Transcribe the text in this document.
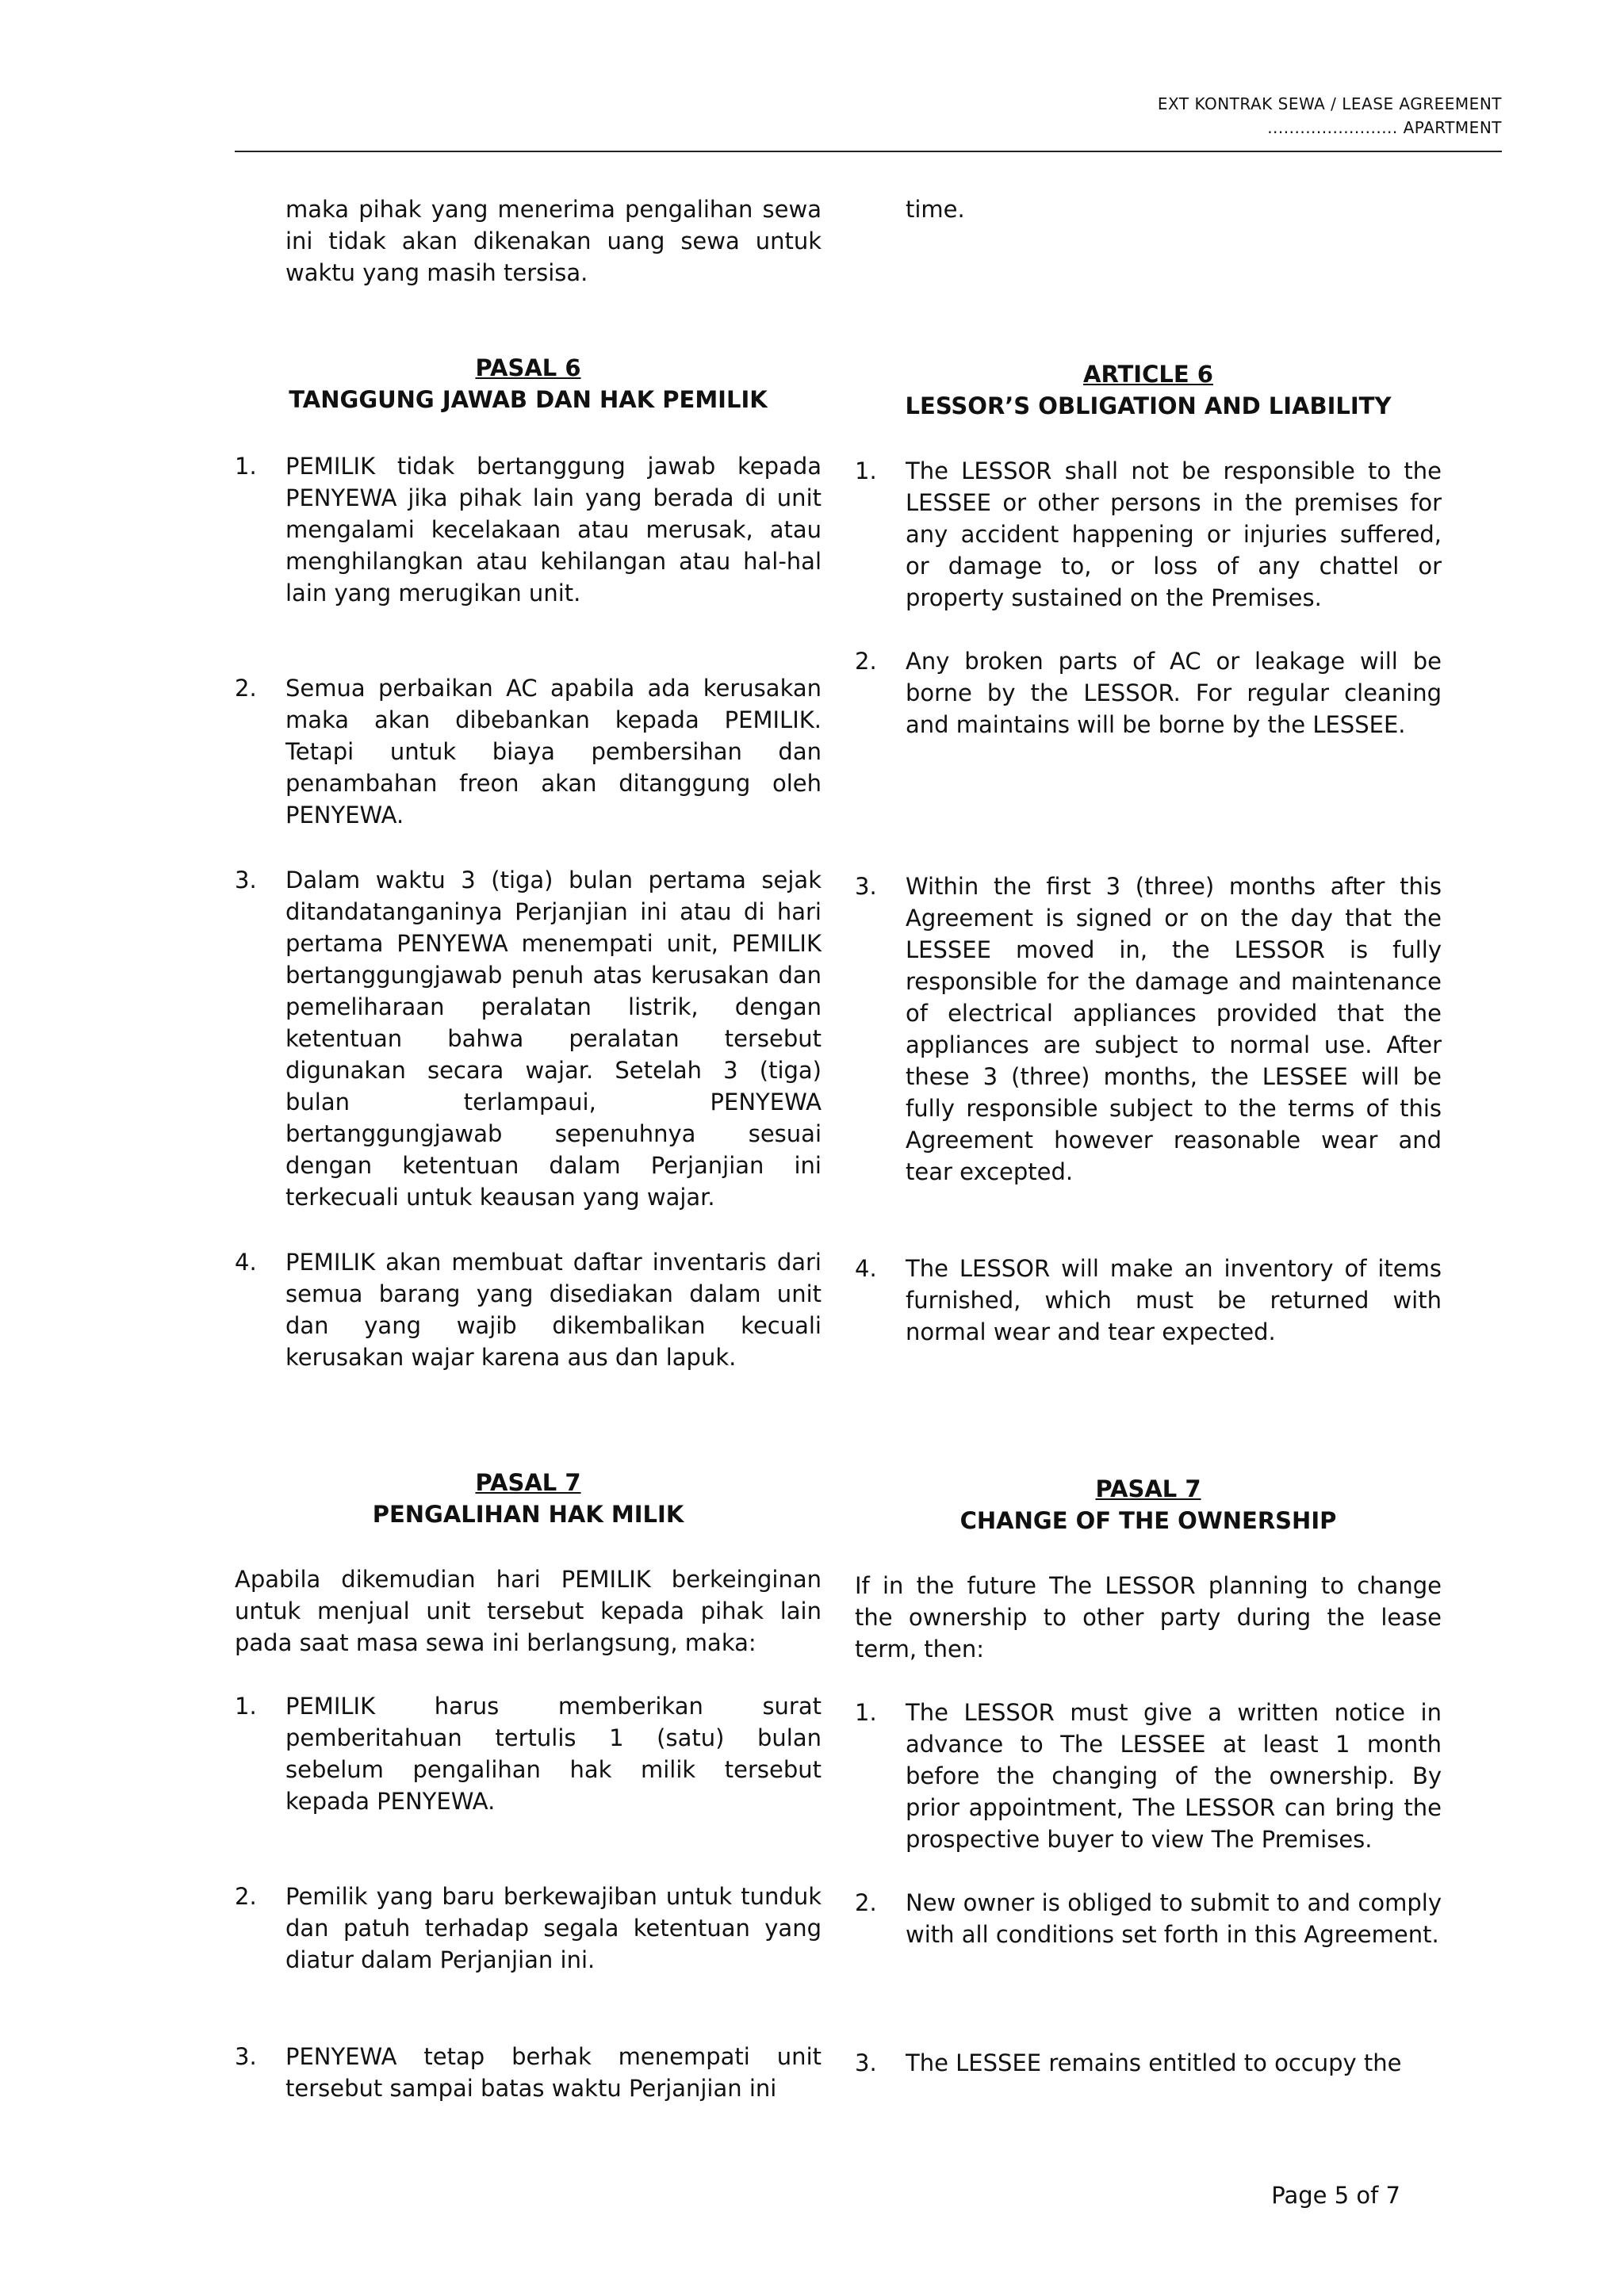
EXT KONTRAK SEWA / LEASE AGREEMENT
........................ APARTMENT

maka pihak yang menerima pengalihan sewa ini tidak akan dikenakan uang sewa untuk waktu yang masih tersisa.

time.

PASAL 6
TANGGUNG JAWAB DAN HAK PEMILIK
ARTICLE 6
LESSOR’S OBLIGATION AND LIABILITY
1. PEMILIK tidak bertanggung jawab kepada PENYEWA jika pihak lain yang berada di unit mengalami kecelakaan atau merusak, atau menghilangkan atau kehilangan atau hal-hal lain yang merugikan unit.
2. Semua perbaikan AC apabila ada kerusakan maka akan dibebankan kepada PEMILIK. Tetapi untuk biaya pembersihan dan penambahan freon akan ditanggung oleh PENYEWA.
3. Dalam waktu 3 (tiga) bulan pertama sejak ditandatanganinya Perjanjian ini atau di hari pertama PENYEWA menempati unit, PEMILIK bertanggungjawab penuh atas kerusakan dan pemeliharaan peralatan listrik, dengan ketentuan bahwa peralatan tersebut digunakan secara wajar. Setelah 3 (tiga) bulan terlampaui, PENYEWA bertanggungjawab sepenuhnya sesuai dengan ketentuan dalam Perjanjian ini terkecuali untuk keausan yang wajar.
4. PEMILIK akan membuat daftar inventaris dari semua barang yang disediakan dalam unit dan yang wajib dikembalikan kecuali kerusakan wajar karena aus dan lapuk.
1. The LESSOR shall not be responsible to the LESSEE or other persons in the premises for any accident happening or injuries suffered, or damage to, or loss of any chattel or property sustained on the Premises.
2. Any broken parts of AC or leakage will be borne by the LESSOR. For regular cleaning and maintains will be borne by the LESSEE.
3. Within the first 3 (three) months after this Agreement is signed or on the day that the LESSEE moved in, the LESSOR is fully responsible for the damage and maintenance of electrical appliances provided that the appliances are subject to normal use. After these 3 (three) months, the LESSEE will be fully responsible subject to the terms of this Agreement however reasonable wear and tear excepted.
4. The LESSOR will make an inventory of items furnished, which must be returned with normal wear and tear expected.
PASAL 7
PENGALIHAN HAK MILIK
PASAL 7
CHANGE OF THE OWNERSHIP

Apabila dikemudian hari PEMILIK berkeinginan untuk menjual unit tersebut kepada pihak lain pada saat masa sewa ini berlangsung, maka:

If in the future The LESSOR planning to change the ownership to other party during the lease term, then:

1. PEMILIK harus memberikan surat pemberitahuan tertulis 1 (satu) bulan sebelum pengalihan hak milik tersebut kepada PENYEWA.
2. Pemilik yang baru berkewajiban untuk tunduk dan patuh terhadap segala ketentuan yang diatur dalam Perjanjian ini.
3. PENYEWA tetap berhak menempati unit tersebut sampai batas waktu Perjanjian ini
1. The LESSOR must give a written notice in advance to The LESSEE at least 1 month before the changing of the ownership. By prior appointment, The LESSOR can bring the prospective buyer to view The Premises.
2. New owner is obliged to submit to and comply with all conditions set forth in this Agreement.
3. The LESSEE remains entitled to occupy the
Page 5 of 7
